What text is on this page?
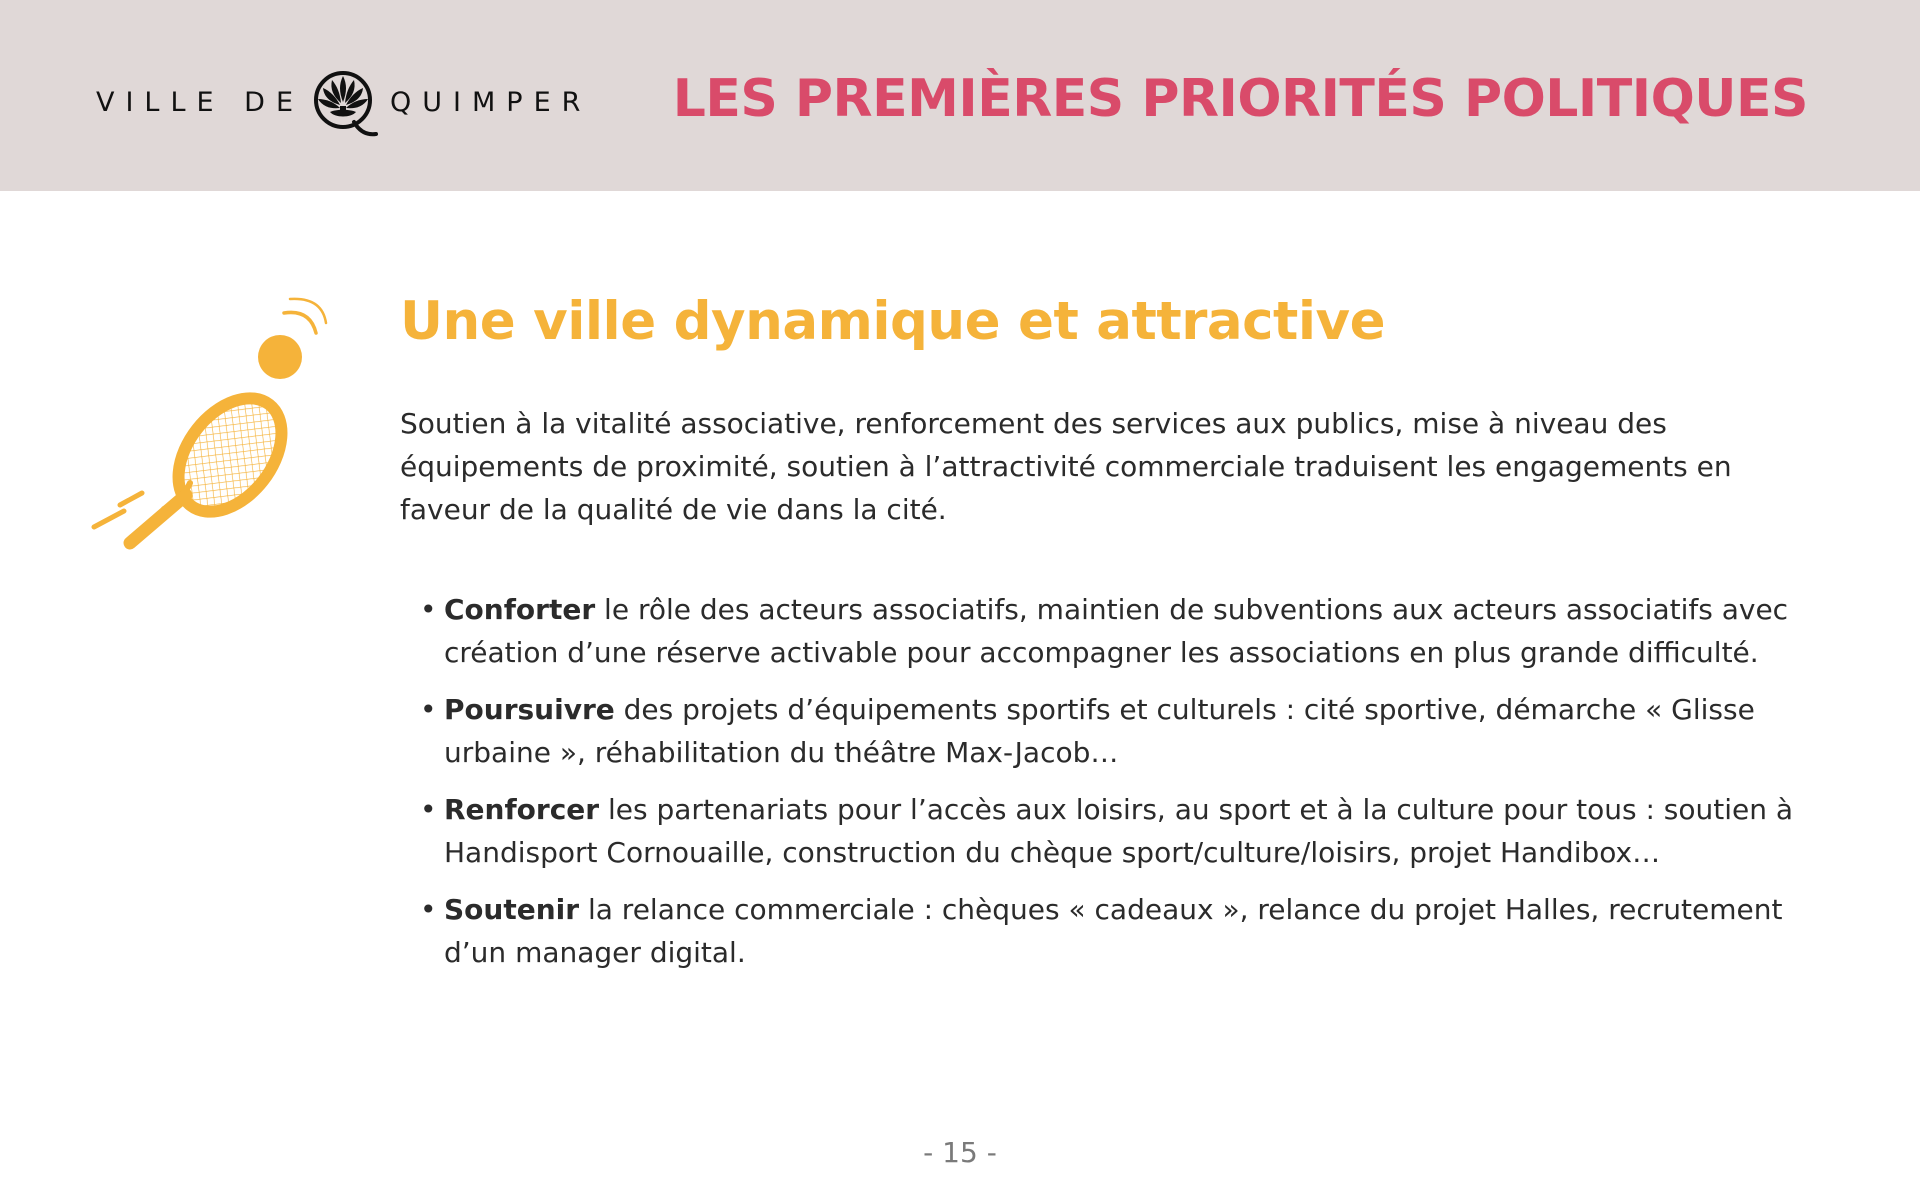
VILLE DE	QUIMPER LES PREMIÈRES PRIORITÉS POLITIQUES
Une ville dynamique et attractive
Soutien à la vitalité associative, renforcement des services aux publics, mise à niveau des équipements de proximité, soutien à l’attractivité commerciale traduisent les engagements en faveur de la qualité de vie dans la cité.
• Conforter le rôle des acteurs associatifs, maintien de subventions aux acteurs associatifs avec création d’une réserve activable pour accompagner les associations en plus grande difficulté.
• Poursuivre des projets d’équipements sportifs et culturels : cité sportive, démarche « Glisse urbaine », réhabilitation du théâtre Max-Jacob…
• Renforcer les partenariats pour l’accès aux loisirs, au sport et à la culture pour tous : soutien à Handisport Cornouaille, construction du chèque sport/culture/loisirs, projet Handibox…
• Soutenir la relance commerciale : chèques « cadeaux », relance du projet Halles, recrutement d’un manager digital.
- 15 -
